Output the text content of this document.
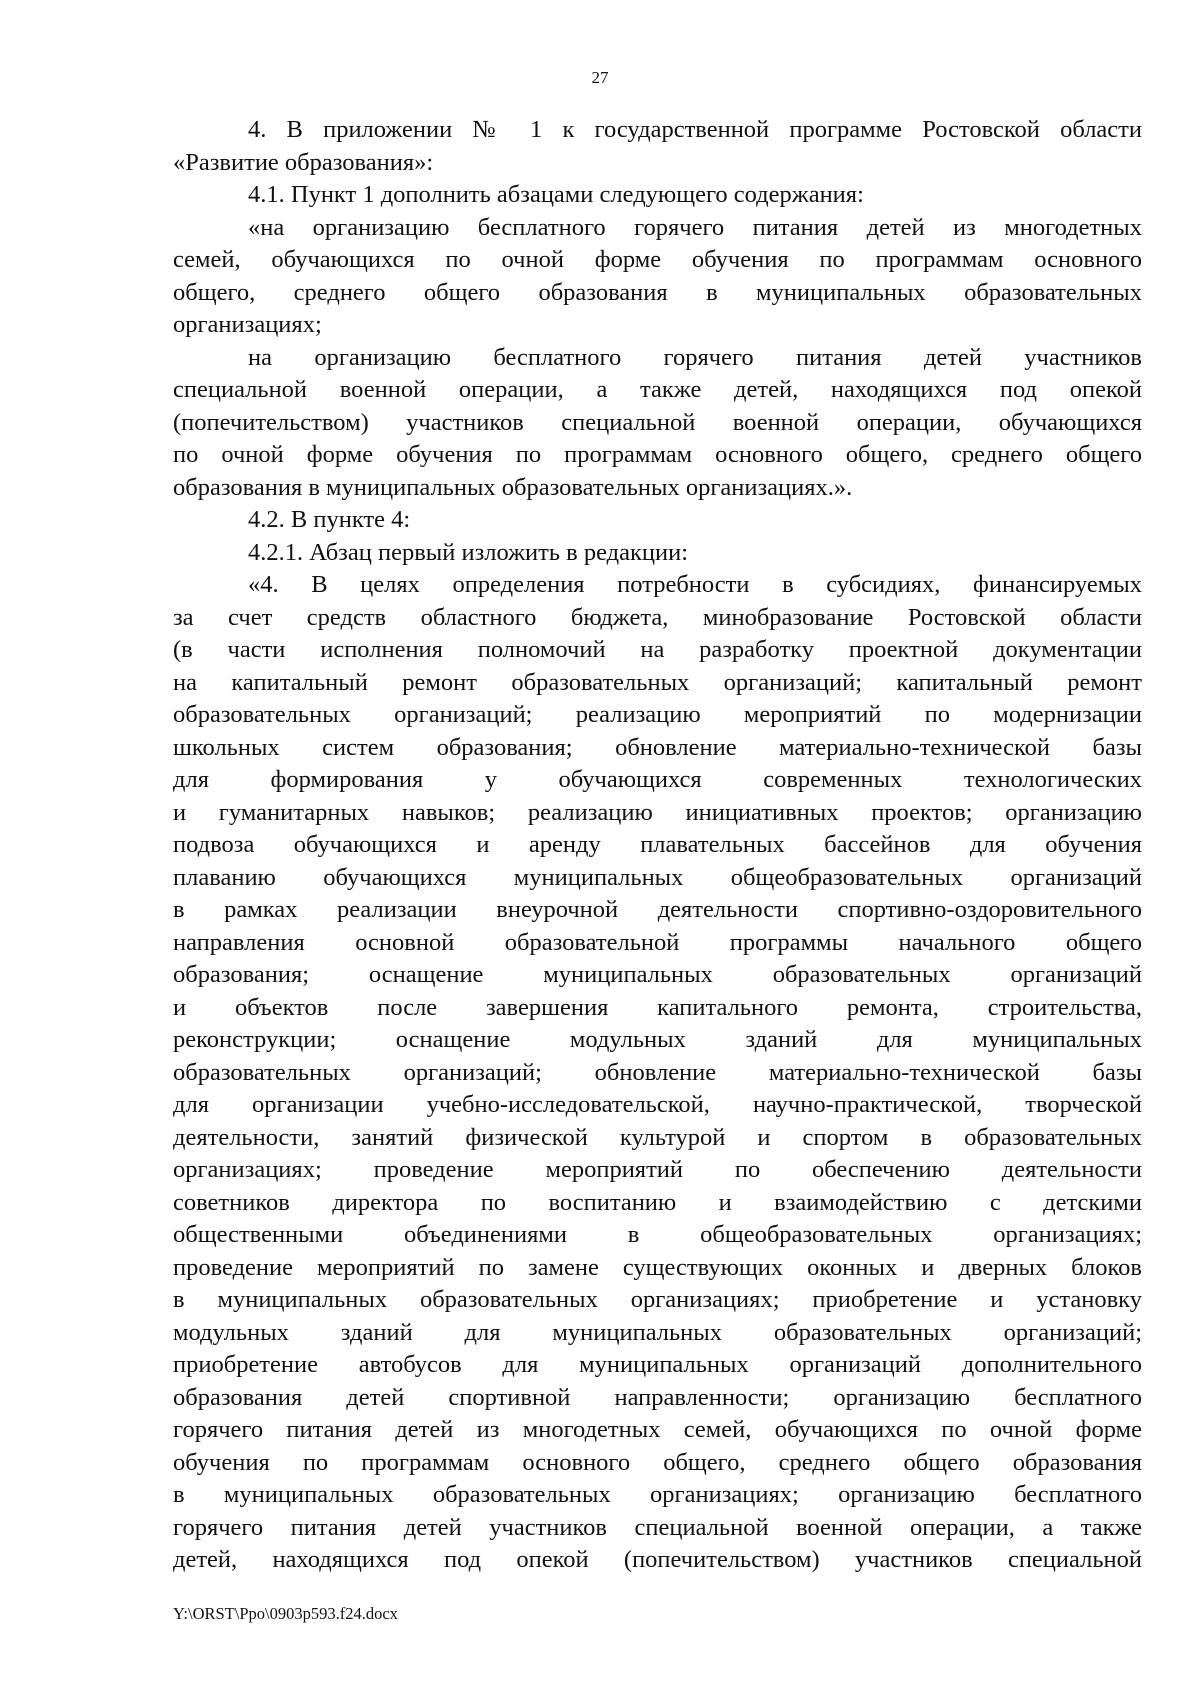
27
4. В приложении № 1 к государственной программе Ростовской области
«Развитие образования»:
4.1. Пункт 1 дополнить абзацами следующего содержания:
«на организацию бесплатного горячего питания детей из многодетных
семей, обучающихся по очной форме обучения по программам основного
общего, среднего общего образования в муниципальных образовательных
организациях;
на организацию бесплатного горячего питания детей участников
специальной военной операции, а также детей, находящихся под опекой
(попечительством) участников специальной военной операции, обучающихся
по очной форме обучения по программам основного общего, среднего общего
образования в муниципальных образовательных организациях.».
4.2. В пункте 4:
4.2.1. Абзац первый изложить в редакции:
«4. В целях определения потребности в субсидиях, финансируемых
за счет средств областного бюджета, минобразование Ростовской области
(в части исполнения полномочий на разработку проектной документации
на капитальный ремонт образовательных организаций; капитальный ремонт
образовательных организаций; реализацию мероприятий по модернизации
школьных систем образования; обновление материально-технической базы
для формирования у обучающихся современных технологических
и гуманитарных навыков; реализацию инициативных проектов; организацию
подвоза обучающихся и аренду плавательных бассейнов для обучения
плаванию обучающихся муниципальных общеобразовательных организаций
в рамках реализации внеурочной деятельности спортивно-оздоровительного
направления основной образовательной программы начального общего
образования; оснащение муниципальных образовательных организаций
и объектов после завершения капитального ремонта, строительства,
реконструкции; оснащение модульных зданий для муниципальных
образовательных организаций; обновление материально-технической базы
для организации учебно-исследовательской, научно-практической, творческой
деятельности, занятий физической культурой и спортом в образовательных
организациях; проведение мероприятий по обеспечению деятельности
советников директора по воспитанию и взаимодействию с детскими
общественными объединениями в общеобразовательных организациях;
проведение мероприятий по замене существующих оконных и дверных блоков
в муниципальных образовательных организациях; приобретение и установку
модульных зданий для муниципальных образовательных организаций;
приобретение автобусов для муниципальных организаций дополнительного
образования детей спортивной направленности; организацию бесплатного
горячего питания детей из многодетных семей, обучающихся по очной форме
обучения по программам основного общего, среднего общего образования
в муниципальных образовательных организациях; организацию бесплатного
горячего питания детей участников специальной военной операции, а также
детей, находящихся под опекой (попечительством) участников специальной
Y:\ORST\Ppo\0903p593.f24.docx
